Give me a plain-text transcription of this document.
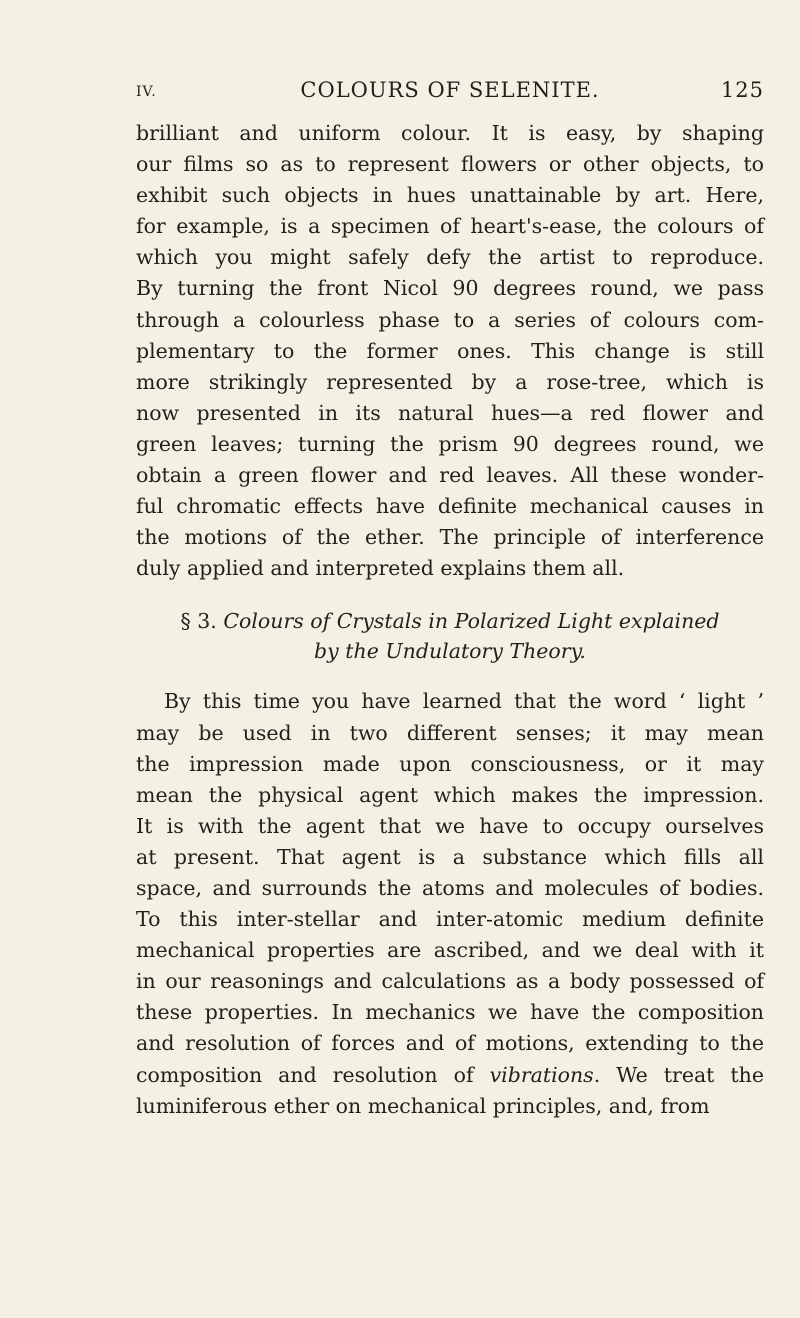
IV.	COLOURS OF SELENITE.	125
brilliant and uniform colour. It is easy, by shaping
our films so as to represent flowers or other objects, to
exhibit such objects in hues unattainable by art. Here,
for example, is a specimen of heart's-ease, the colours of
which you might safely defy the artist to reproduce.
By turning the front Nicol 90 degrees round, we pass
through a colourless phase to a series of colours com-
plementary to the former ones. This change is still
more strikingly represented by a rose-tree, which is
now presented in its natural hues—a red flower and
green leaves; turning the prism 90 degrees round, we
obtain a green flower and red leaves. All these wonder-
ful chromatic effects have definite mechanical causes in
the motions of the ether. The principle of interference
duly applied and interpreted explains them all.
§ 3. Colours of Crystals in Polarized Light explained
by the Undulatory Theory.
By this time you have learned that the word ‘ light ’
may be used in two different senses; it may mean
the impression made upon consciousness, or it may
mean the physical agent which makes the impression.
It is with the agent that we have to occupy ourselves
at present. That agent is a substance which fills all
space, and surrounds the atoms and molecules of bodies.
To this inter-stellar and inter-atomic medium definite
mechanical properties are ascribed, and we deal with it
in our reasonings and calculations as a body possessed of
these properties. In mechanics we have the composition
and resolution of forces and of motions, extending to the
composition and resolution of vibrations. We treat the
luminiferous ether on mechanical principles, and, from
